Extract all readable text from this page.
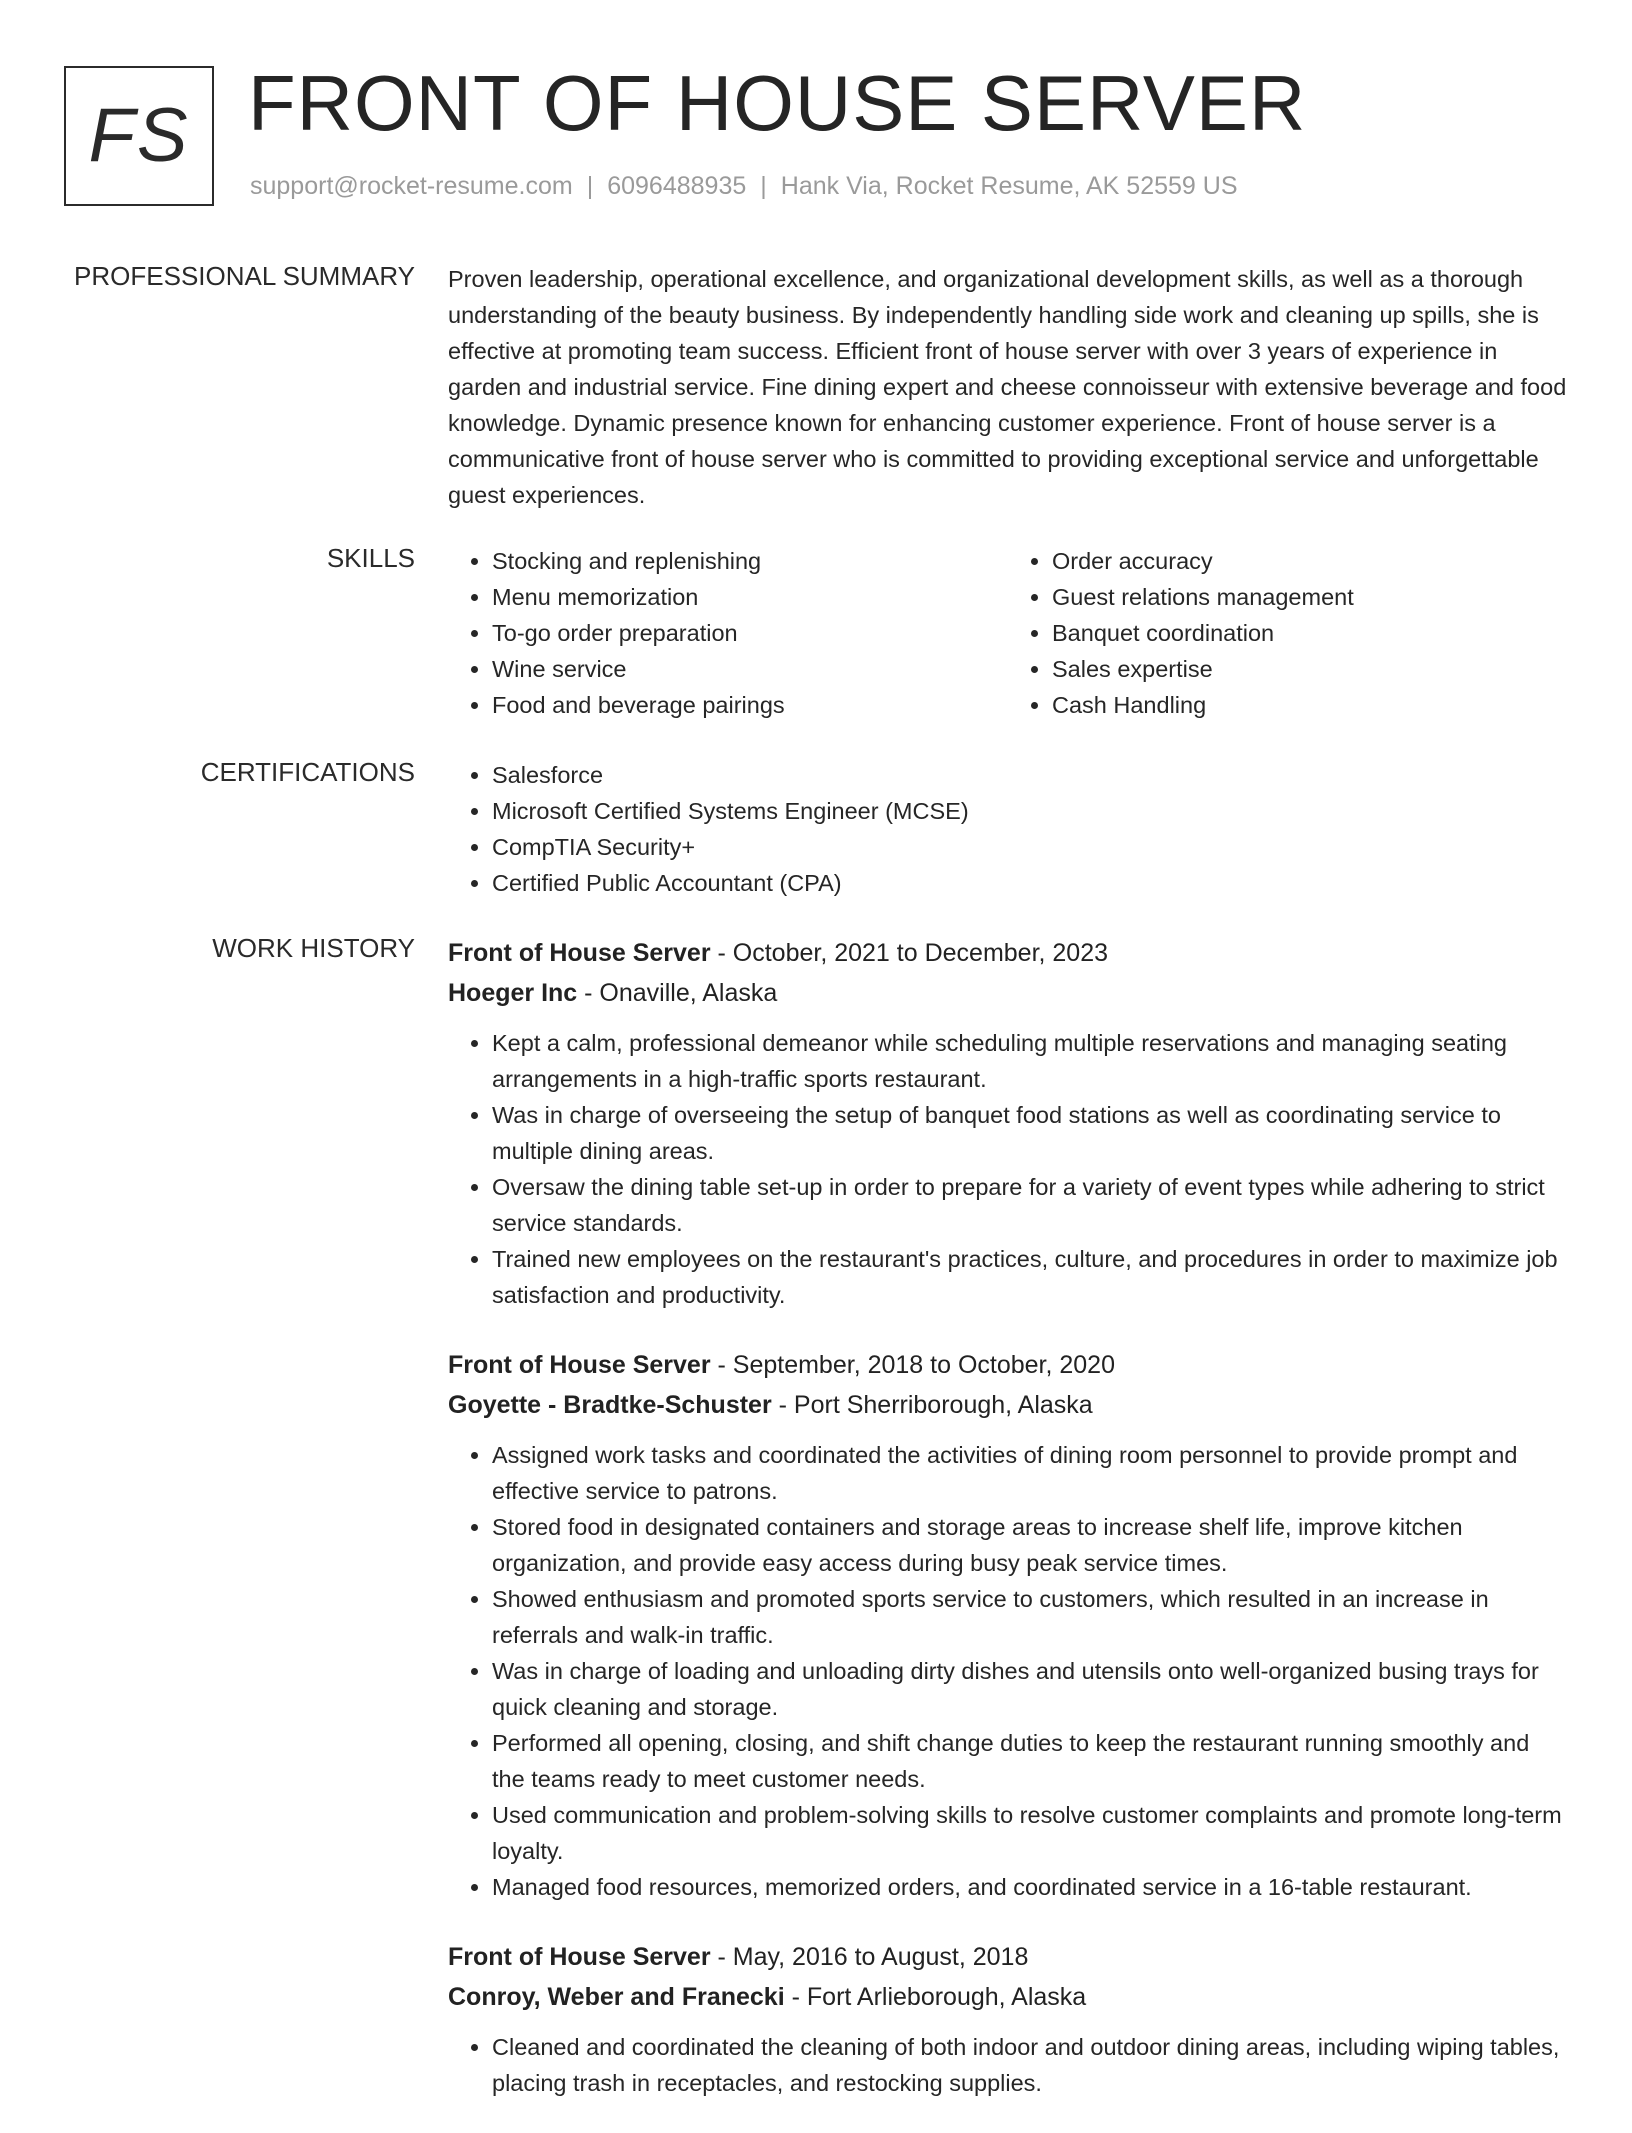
FS FRONT OF HOUSE SERVER
support@rocket-resume.com | 6096488935 | Hank Via, Rocket Resume, AK 52559 US
PROFESSIONAL SUMMARY Proven leadership, operational excellence, and organizational development skills, as well as a thorough understanding of the beauty business. By independently handling side work and cleaning up spills, she is effective at promoting team success. Efficient front of house server with over 3 years of experience in garden and industrial service. Fine dining expert and cheese connoisseur with extensive beverage and food knowledge. Dynamic presence known for enhancing customer experience. Front of house server is a communicative front of house server who is committed to providing exceptional service and unforgettable guest experiences.

SKILLS	• Stocking and replenishing
• Menu memorization
• To-go order preparation
• Wine service
• Food and beverage pairings
• Order accuracy
• Guest relations management
• Banquet coordination
• Sales expertise
• Cash Handling
CERTIFICATIONS	• Salesforce
• Microsoft Certified Systems Engineer (MCSE)
• CompTIA Security+
• Certified Public Accountant (CPA)
WORK HISTORY Front of House Server - October, 2021 to December, 2023
Hoeger Inc - Onaville, Alaska
• Kept a calm, professional demeanor while scheduling multiple reservations and managing seating arrangements in a high-traffic sports restaurant.
• Was in charge of overseeing the setup of banquet food stations as well as coordinating service to multiple dining areas.
• Oversaw the dining table set-up in order to prepare for a variety of event types while adhering to strict service standards.
• Trained new employees on the restaurant's practices, culture, and procedures in order to maximize job satisfaction and productivity.
Front of House Server - September, 2018 to October, 2020
Goyette - Bradtke-Schuster - Port Sherriborough, Alaska
• Assigned work tasks and coordinated the activities of dining room personnel to provide prompt and effective service to patrons.
• Stored food in designated containers and storage areas to increase shelf life, improve kitchen organization, and provide easy access during busy peak service times.
• Showed enthusiasm and promoted sports service to customers, which resulted in an increase in referrals and walk-in traffic.
• Was in charge of loading and unloading dirty dishes and utensils onto well-organized busing trays for quick cleaning and storage.
• Performed all opening, closing, and shift change duties to keep the restaurant running smoothly and the teams ready to meet customer needs.
• Used communication and problem-solving skills to resolve customer complaints and promote long-term loyalty.
• Managed food resources, memorized orders, and coordinated service in a 16-table restaurant.
Front of House Server - May, 2016 to August, 2018
Conroy, Weber and Franecki - Fort Arlieborough, Alaska
• Cleaned and coordinated the cleaning of both indoor and outdoor dining areas, including wiping tables, placing trash in receptacles, and restocking supplies.
